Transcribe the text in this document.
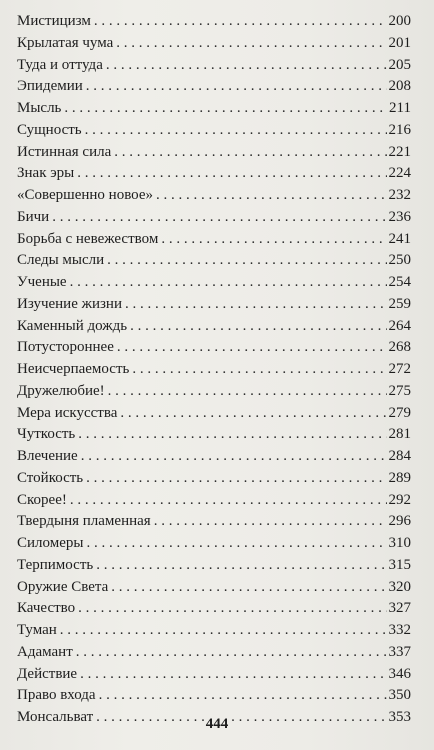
Мистицизм . . .	200
Крылатая чума . . .	201
Туда и оттуда . . .	205
Эпидемии . . .	208
Мысль . . .	211
Сущность . . .	216
Истинная сила . . .	221
Знак эры . . .	224
«Совершенно новое» . . .	232
Бичи . . .	236
Борьба с невежеством . . .	241
Следы мысли . . .	250
Ученые . . .	254
Изучение жизни . . .	259
Каменный дождь . . .	264
Потустороннее . . .	268
Неисчерпаемость . . .	272
Дружелюбие! . . .	275
Мера искусства . . .	279
Чуткость . . .	281
Влечение . . .	284
Стойкость . . .	289
Скорее! . . .	292
Твердыня пламенная . . .	296
Силомеры . . .	310
Терпимость . . .	315
Оружие Света . . .	320
Качество . . .	327
Туман . . .	332
Адамант . . .	337
Действие . . .	346
Право входа . . .	350
Монсальват . . .	353
444
